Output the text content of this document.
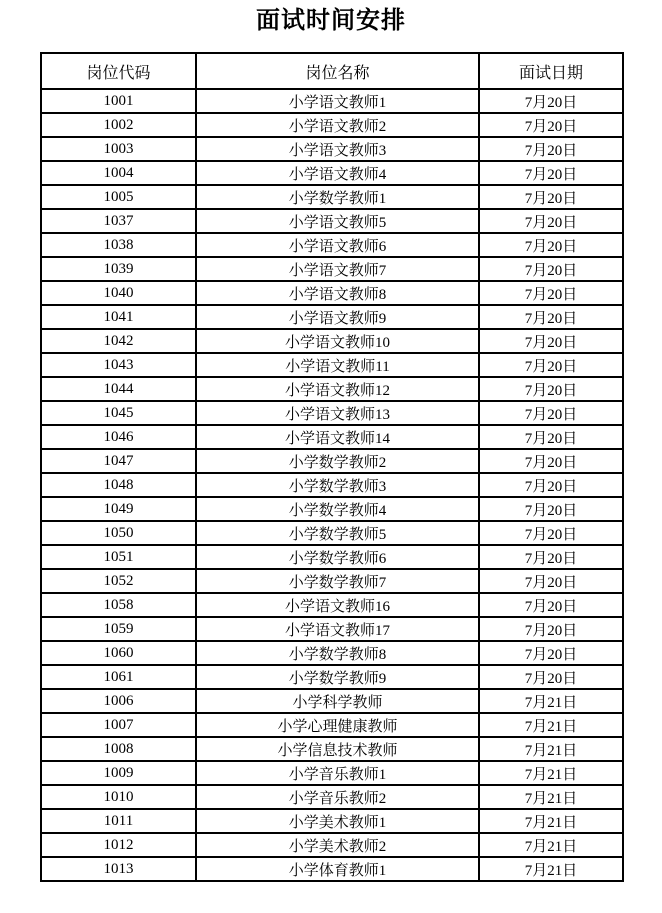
面试时间安排
岗位代码	岗位名称	面试日期
1001	小学语文教师1	7月20日
1002	小学语文教师2	7月20日
1003	小学语文教师3	7月20日
1004	小学语文教师4	7月20日
1005	小学数学教师1	7月20日
1037	小学语文教师5	7月20日
1038	小学语文教师6	7月20日
1039	小学语文教师7	7月20日
1040	小学语文教师8	7月20日
1041	小学语文教师9	7月20日
1042	小学语文教师10	7月20日
1043	小学语文教师11	7月20日
1044	小学语文教师12	7月20日
1045	小学语文教师13	7月20日
1046	小学语文教师14	7月20日
1047	小学数学教师2	7月20日
1048	小学数学教师3	7月20日
1049	小学数学教师4	7月20日
1050	小学数学教师5	7月20日
1051	小学数学教师6	7月20日
1052	小学数学教师7	7月20日
1058	小学语文教师16	7月20日
1059	小学语文教师17	7月20日
1060	小学数学教师8	7月20日
1061	小学数学教师9	7月20日
1006	小学科学教师	7月21日
1007	小学心理健康教师	7月21日
1008	小学信息技术教师	7月21日
1009	小学音乐教师1	7月21日
1010	小学音乐教师2	7月21日
1011	小学美术教师1	7月21日
1012	小学美术教师2	7月21日
1013	小学体育教师1	7月21日
